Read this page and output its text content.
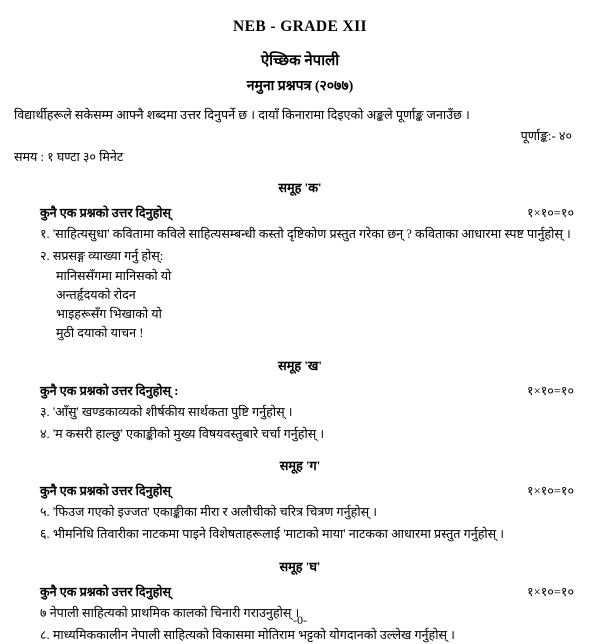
NEB - GRADE XII
ऐच्छिक नेपाली
नमुना प्रश्नपत्र (२०७७)
विद्यार्थीहरूले सकेसम्म आफ्नै शब्दमा उत्तर दिनुपर्ने छ । दायाँ किनारामा दिइएको अङ्कले पूर्णाङ्क जनाउँछ ।
पूर्णाङ्क:- ४०
समय : १ घण्टा ३० मिनेट
समूह 'क'
कुनै एक प्रश्नको उत्तर दिनुहोस्	१×१०=१०
१. 'साहित्यसुधा' कवितामा कविले साहित्यसम्बन्धी कस्तो दृष्टिकोण प्रस्तुत गरेका छन् ? कविताका आधारमा स्पष्ट पार्नुहोस् ।
२. सप्रसङ्ग व्याख्या गर्नु होस्:
मानिससँगमा मानिसको यो
अन्तर्हृदयको रोदन
भाइहरूसँग भिखाको यो
मुठी दयाको याचन !
समूह 'ख'
कुनै एक प्रश्नको उत्तर दिनुहोस् :	१×१०=१०
३. 'आँसु' खण्डकाव्यको शीर्षकीय सार्थकता पुष्टि गर्नुहोस् ।
४. 'म कसरी हाल्छु' एकाङ्कीको मुख्य विषयवस्तुबारे चर्चा गर्नुहोस् ।
समूह 'ग'
कुनै एक प्रश्नको उत्तर दिनुहोस्	१×१०=१०
५. 'फिउज गएको इज्जत' एकाङ्कीका मीरा र अलौचीको चरित्र चित्रण गर्नुहोस् ।
६. भीमनिधि तिवारीका नाटकमा पाइने विशेषताहरूलाई 'माटाको माया' नाटकका आधारमा प्रस्तुत गर्नुहोस् ।
समूह 'घ'
कुनै एक प्रश्नको उत्तर दिनुहोस्	१×१०=१०
७ नेपाली साहित्यको प्राथमिक कालको चिनारी गराउनुहोस् ।
८. माध्यमिककालीन नेपाली साहित्यको विकासमा मोतिराम भट्टको योगदानको उल्लेख गर्नुहोस् ।
-0-
